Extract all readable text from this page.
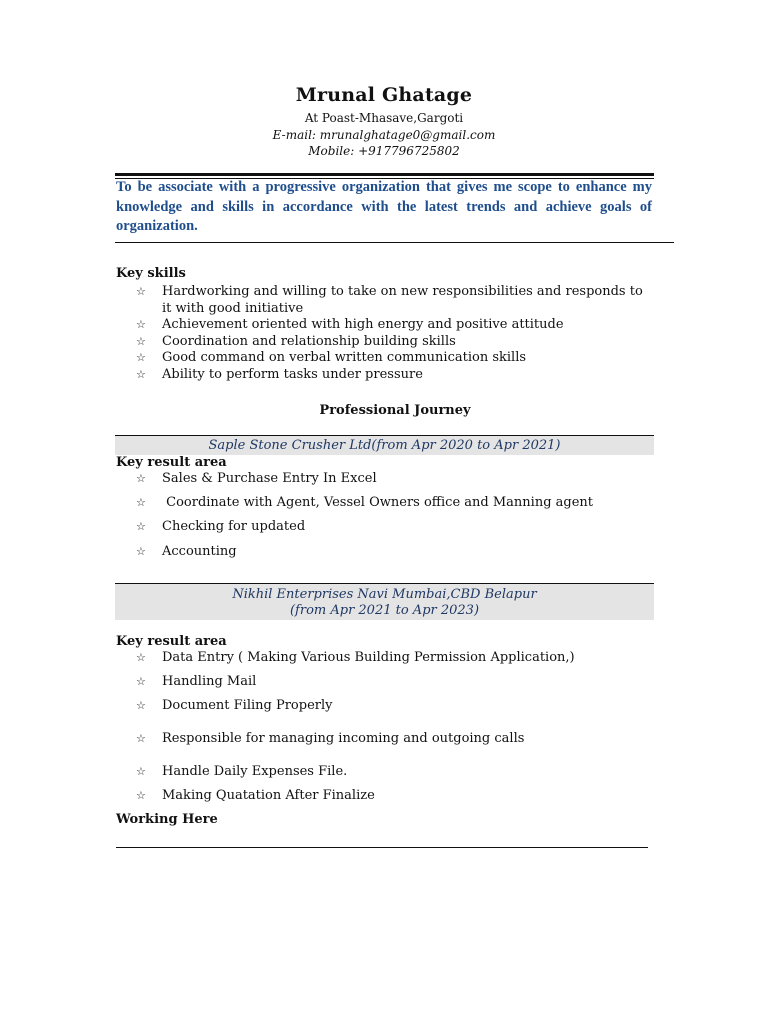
Mrunal Ghatage
At Poast-Mhasave,Gargoti
E-mail: mrunalghatage0@gmail.com
Mobile: +917796725802
To be associate with a progressive organization that gives me scope to enhance my knowledge and skills in accordance with the latest trends and achieve goals of organization.
Key skills
☆ Hardworking and willing to take on new responsibilities and responds to it with good initiative
☆ Achievement oriented with high energy and positive attitude
☆ Coordination and relationship building skills
☆ Good command on verbal written communication skills
☆ Ability to perform tasks under pressure
Professional Journey
Saple Stone Crusher Ltd(from Apr 2020 to Apr 2021)
Key result area
☆ Sales & Purchase Entry In Excel
☆ Coordinate with Agent, Vessel Owners office and Manning agent
☆ Checking for updated
☆ Accounting
Nikhil Enterprises Navi Mumbai,CBD Belapur
(from Apr 2021 to Apr 2023)
Key result area
☆ Data Entry ( Making Various Building Permission Application,)
☆ Handling Mail
☆ Document Filing Properly
☆ Responsible for managing incoming and outgoing calls
☆ Handle Daily Expenses File.
☆ Making Quatation After Finalize
Working Here
